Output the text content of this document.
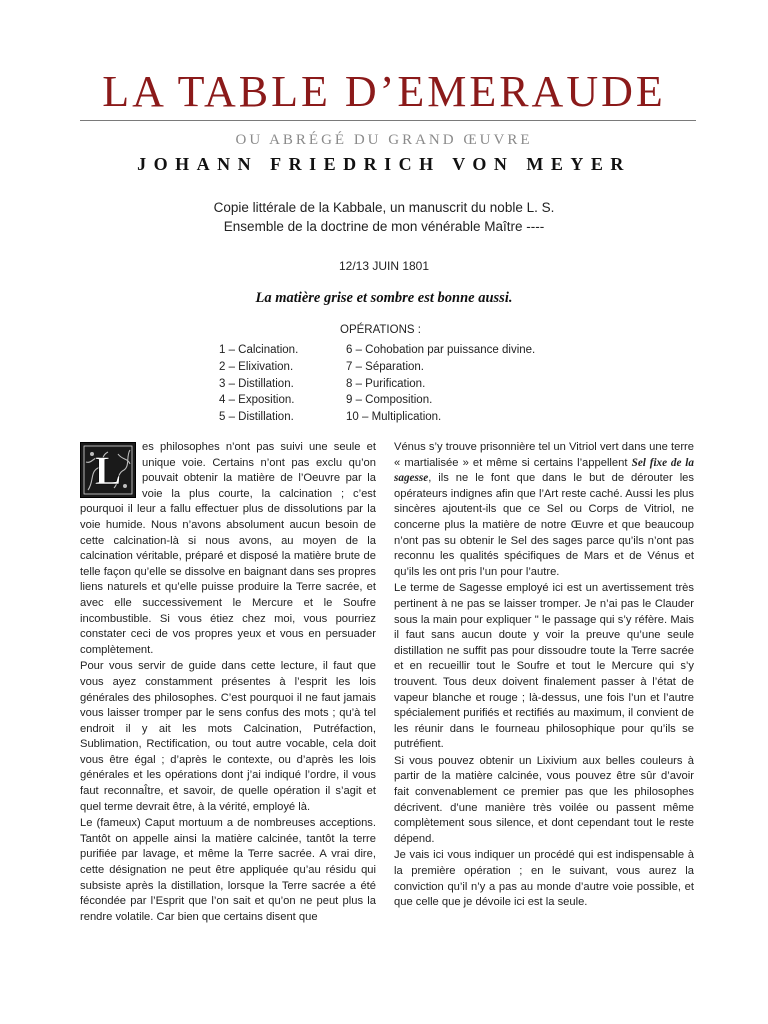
LA TABLE D’EMERAUDE
OU ABRÉGÉ DU GRAND ŒUVRE
JOHANN FRIEDRICH VON MEYER
Copie littérale de la Kabbale, un manuscrit du noble L. S.
Ensemble de la doctrine de mon vénérable Maître ----
12/13 JUIN 1801
La matière grise et sombre est bonne aussi.
OPÉRATIONS :
1 – Calcination.
2 – Elixivation.
3 – Distillation.
4 – Exposition.
5 – Distillation.
6 – Cohobation par puissance divine.
7 – Séparation.
8 – Purification.
9 – Composition.
10 – Multiplication.

L
es philosophes n’ont pas suivi une seule et unique voie. Certains n’ont pas exclu qu’on pouvait obtenir la matière de l’Oeuvre par la voie la plus courte, la calcination ; c’est pourquoi il leur a fallu effectuer plus de dissolutions par la voie humide. Nous n’avons absolument aucun besoin de cette calcination-là si nous avons, au moyen de la calcination véritable, préparé et disposé la matière brute de telle façon qu’elle se dissolve en baignant dans ses propres liens naturels et qu’elle puisse produire la Terre sacrée, et avec elle successivement le Mercure et le Soufre incombustible. Si vous étiez chez moi, vous pourriez constater ceci de vos propres yeux et vous en persuader complètement.

Pour vous servir de guide dans cette lecture, il faut que vous ayez constamment présentes à l’esprit les lois générales des philosophes. C’est pourquoi il ne faut jamais vous laisser tromper par le sens confus des mots ; qu’à tel endroit il y ait les mots Calcination, Putréfaction, Sublimation, Rectification, ou tout autre vocable, cela doit vous être égal ; d’après le contexte, ou d’après les lois générales et les opérations dont j’ai indiqué l’ordre, il vous faut reconnaÎtre, et savoir, de quelle opération il s’agit et quel terme devrait être, à la vérité, employé là.

Le (fameux) Caput mortuum a de nombreuses acceptions. Tantôt on appelle ainsi la matière calcinée, tantôt la terre purifiée par lavage, et même la Terre sacrée. A vrai dire, cette désignation ne peut être appliquée qu’au résidu qui subsiste après la distillation, lorsque la Terre sacrée a été fécondée par l’Esprit que l’on sait et qu’on ne peut plus la rendre volatile. Car bien que certains disent que

Vénus s’y trouve prisonnière tel un Vitriol vert dans une terre « martialisée » et même si certains l’appellent Sel fixe de la sagesse, ils ne le font que dans le but de dérouter les opérateurs indignes afin que l’Art reste caché. Aussi les plus sincères ajoutent-ils que ce Sel ou Corps de Vitriol, ne concerne plus la matière de notre Œuvre et que beaucoup n’ont pas su obtenir le Sel des sages parce qu’ils n’ont pas reconnu les qualités spécifiques de Mars et de Vénus et qu’ils les ont pris l’un pour l’autre.

Le terme de Sagesse employé ici est un avertissement très pertinent à ne pas se laisser tromper. Je n’ai pas le Clauder sous la main pour expliquer " le passage qui s’y réfère. Mais il faut sans aucun doute y voir la preuve qu’une seule distillation ne suffit pas pour dissoudre toute la Terre sacrée et en recueillir tout le Soufre et tout le Mercure qui s’y trouvent. Tous deux doivent finalement passer à l’état de vapeur blanche et rouge ; là-dessus, une fois l’un et l’autre spécialement purifiés et rectifiés au maximum, il convient de les réunir dans le fourneau philosophique pour qu’ils se putréfient.

Si vous pouvez obtenir un Lixivium aux belles couleurs à partir de la matière calcinée, vous pouvez être sûr d’avoir fait convenablement ce premier pas que les philosophes décrivent. d’une manière très voilée ou passent même complètement sous silence, et dont cependant tout le reste dépend.

Je vais ici vous indiquer un procédé qui est indispensable à la première opération ; en le suivant, vous aurez la conviction qu’il n’y a pas au monde d’autre voie possible, et que celle que je dévoile ici est la seule.
